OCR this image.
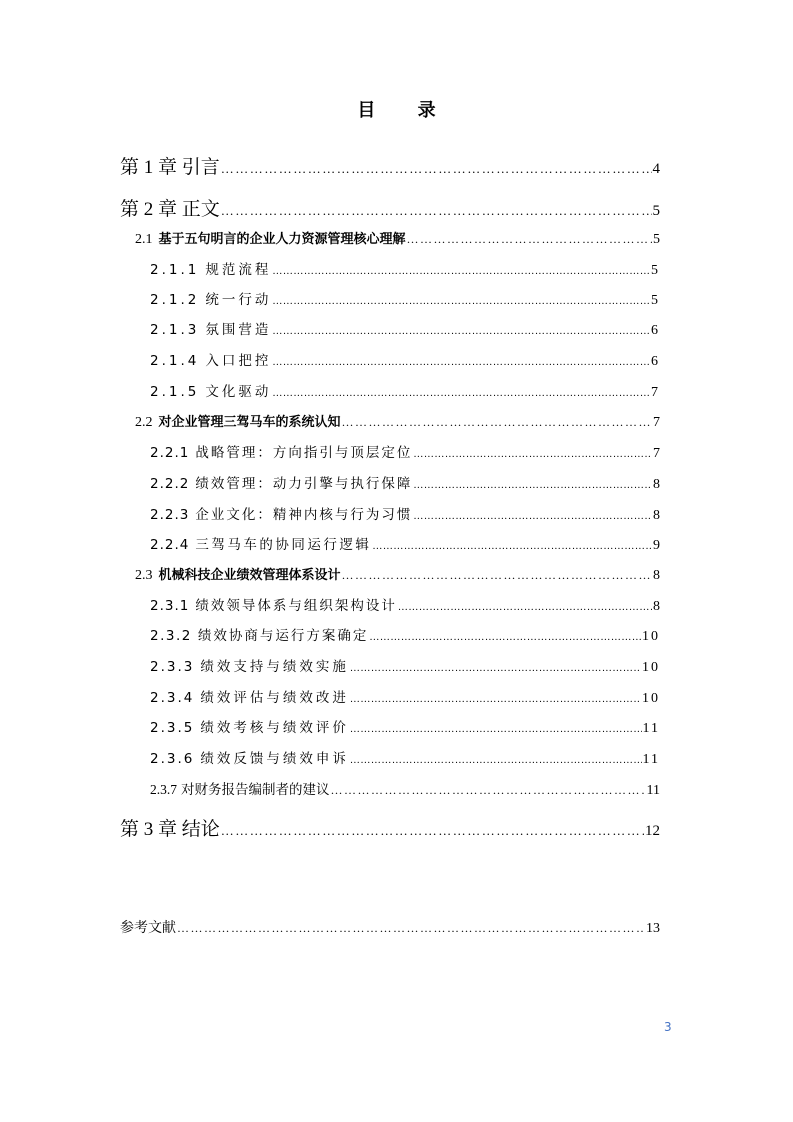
目 录
第 1 章 引言 …………………………………………………………………………………………………………………………………………………………………………	4
第 2 章 正文 …………………………………………………………………………………………………………………………………………………………………………	5
2.1 基于五句明言的企业人力资源管理核心理解 …………………………………………………………………………………………………………………………………………………………………………	5
2.1.1 规范流程 …………………………………………………………………………………………………………………………………………………………………………	5
2.1.2 统一行动 …………………………………………………………………………………………………………………………………………………………………………	5
2.1.3 氛围营造 …………………………………………………………………………………………………………………………………………………………………………	6
2.1.4 入口把控 …………………………………………………………………………………………………………………………………………………………………………	6
2.1.5 文化驱动 …………………………………………………………………………………………………………………………………………………………………………	7
2.2 对企业管理三驾马车的系统认知 …………………………………………………………………………………………………………………………………………………………………………	7
2.2.1 战略管理：方向指引与顶层定位 …………………………………………………………………………………………………………………………………………………………………………	7
2.2.2 绩效管理：动力引擎与执行保障 …………………………………………………………………………………………………………………………………………………………………………	8
2.2.3 企业文化：精神内核与行为习惯 …………………………………………………………………………………………………………………………………………………………………………	8
2.2.4 三驾马车的协同运行逻辑 …………………………………………………………………………………………………………………………………………………………………………	9
2.3 机械科技企业绩效管理体系设计 …………………………………………………………………………………………………………………………………………………………………………	8
2.3.1 绩效领导体系与组织架构设计 …………………………………………………………………………………………………………………………………………………………………………	8
2.3.2 绩效协商与运行方案确定 …………………………………………………………………………………………………………………………………………………………………………	10
2.3.3 绩效支持与绩效实施 …………………………………………………………………………………………………………………………………………………………………………	10
2.3.4 绩效评估与绩效改进 …………………………………………………………………………………………………………………………………………………………………………	10
2.3.5 绩效考核与绩效评价 …………………………………………………………………………………………………………………………………………………………………………	11
2.3.6 绩效反馈与绩效申诉 …………………………………………………………………………………………………………………………………………………………………………	11
2.3.7 对财务报告编制者的建议 …………………………………………………………………………………………………………………………………………………………………………	11
第 3 章 结论 …………………………………………………………………………………………………………………………………………………………………………	12
参考文献 …………………………………………………………………………………………………………………………………………………………………………	13
3
